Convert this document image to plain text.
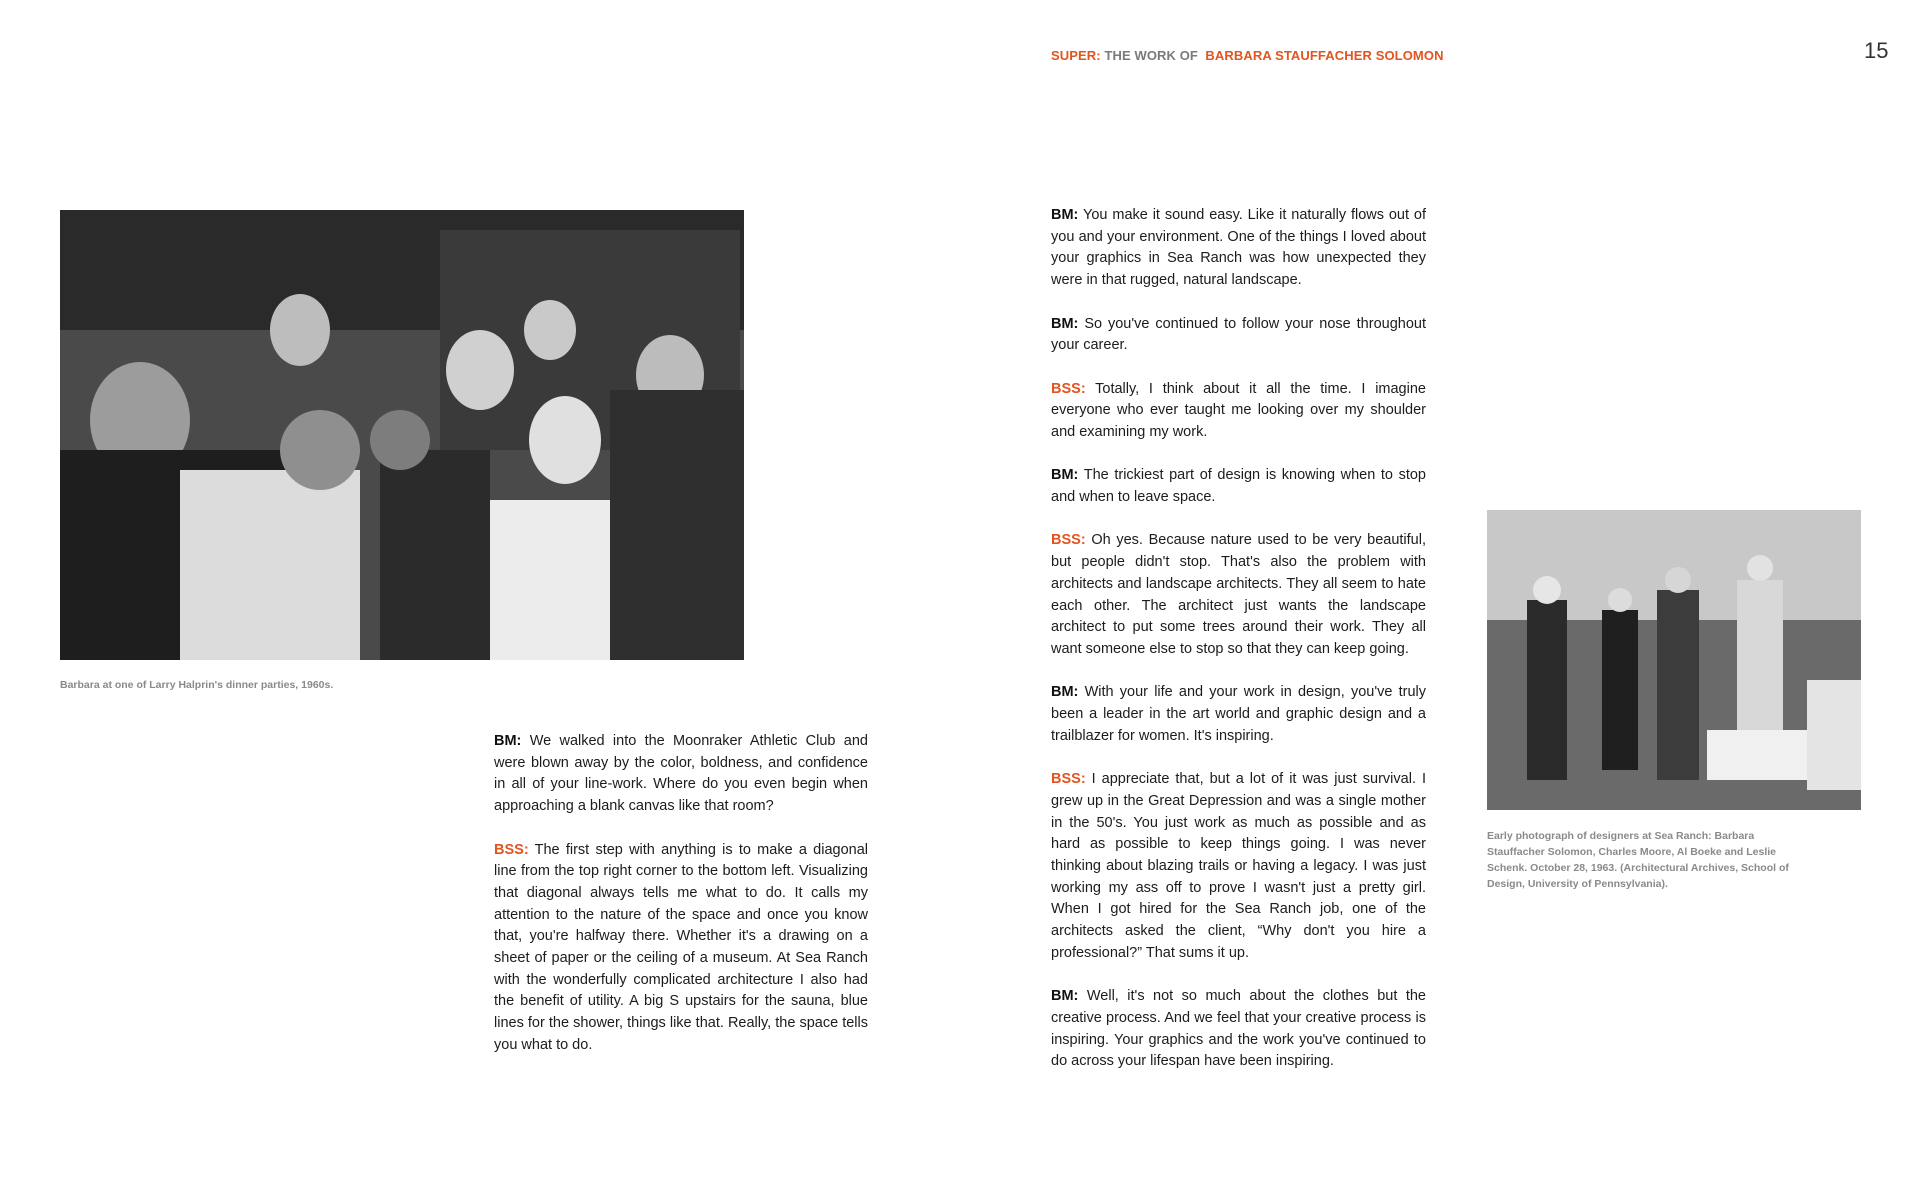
SUPER: THE WORK OF BARBARA STAUFFACHER SOLOMON	15
Barbara at one of Larry Halprin's dinner parties, 1960s.
Early photograph of designers at Sea Ranch: Barbara Stauffacher Solomon, Charles Moore, Al Boeke and Leslie Schenk. October 28, 1963. (Architectural Archives, School of Design, University of Pennsylvania).

BM: We walked into the Moonraker Athletic Club and were blown away by the color, boldness, and confidence in all of your line-work. Where do you even begin when approaching a blank canvas like that room?

BSS: The first step with anything is to make a diagonal line from the top right corner to the bottom left. Visualizing that diagonal always tells me what to do. It calls my attention to the nature of the space and once you know that, you're halfway there. Whether it's a drawing on a sheet of paper or the ceiling of a museum. At Sea Ranch with the wonderfully complicated architecture I also had the benefit of utility. A big S upstairs for the sauna, blue lines for the shower, things like that. Really, the space tells you what to do.

BM: You make it sound easy. Like it naturally flows out of you and your environment. One of the things I loved about your graphics in Sea Ranch was how unexpected they were in that rugged, natural landscape.

BM: So you've continued to follow your nose throughout your career.

BSS: Totally, I think about it all the time. I imagine everyone who ever taught me looking over my shoulder and examining my work.

BM: The trickiest part of design is knowing when to stop and when to leave space.

BSS: Oh yes. Because nature used to be very beautiful, but people didn't stop. That's also the problem with architects and landscape architects. They all seem to hate each other. The architect just wants the landscape architect to put some trees around their work. They all want someone else to stop so that they can keep going.

BM: With your life and your work in design, you've truly been a leader in the art world and graphic design and a trailblazer for women. It's inspiring.

BSS: I appreciate that, but a lot of it was just survival. I grew up in the Great Depression and was a single mother in the 50's. You just work as much as possible and as hard as possible to keep things going. I was never thinking about blazing trails or having a legacy. I was just working my ass off to prove I wasn't just a pretty girl. When I got hired for the Sea Ranch job, one of the architects asked the client, “Why don't you hire a professional?” That sums it up.

BM: Well, it's not so much about the clothes but the creative process. And we feel that your creative process is inspiring. Your graphics and the work you've continued to do across your lifespan have been inspiring.
